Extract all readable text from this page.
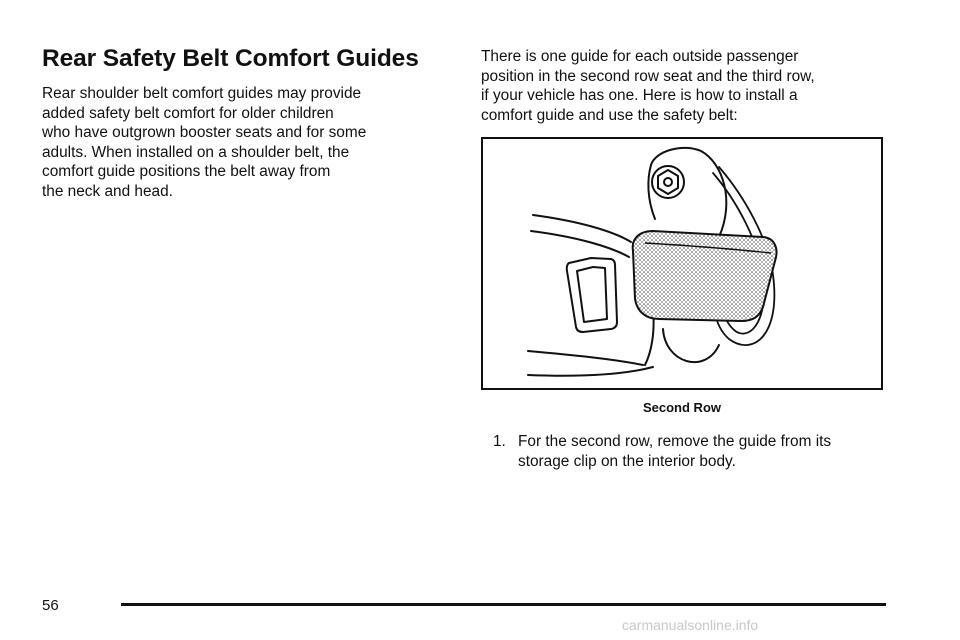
Rear Safety Belt Comfort Guides
Rear shoulder belt comfort guides may provide
added safety belt comfort for older children
who have outgrown booster seats and for some
adults. When installed on a shoulder belt, the
comfort guide positions the belt away from
the neck and head.
There is one guide for each outside passenger
position in the second row seat and the third row,
if your vehicle has one. Here is how to install a
comfort guide and use the safety belt:
Second Row
1. For the second row, remove the guide from its
storage clip on the interior body.
56
carmanualsonline.info
